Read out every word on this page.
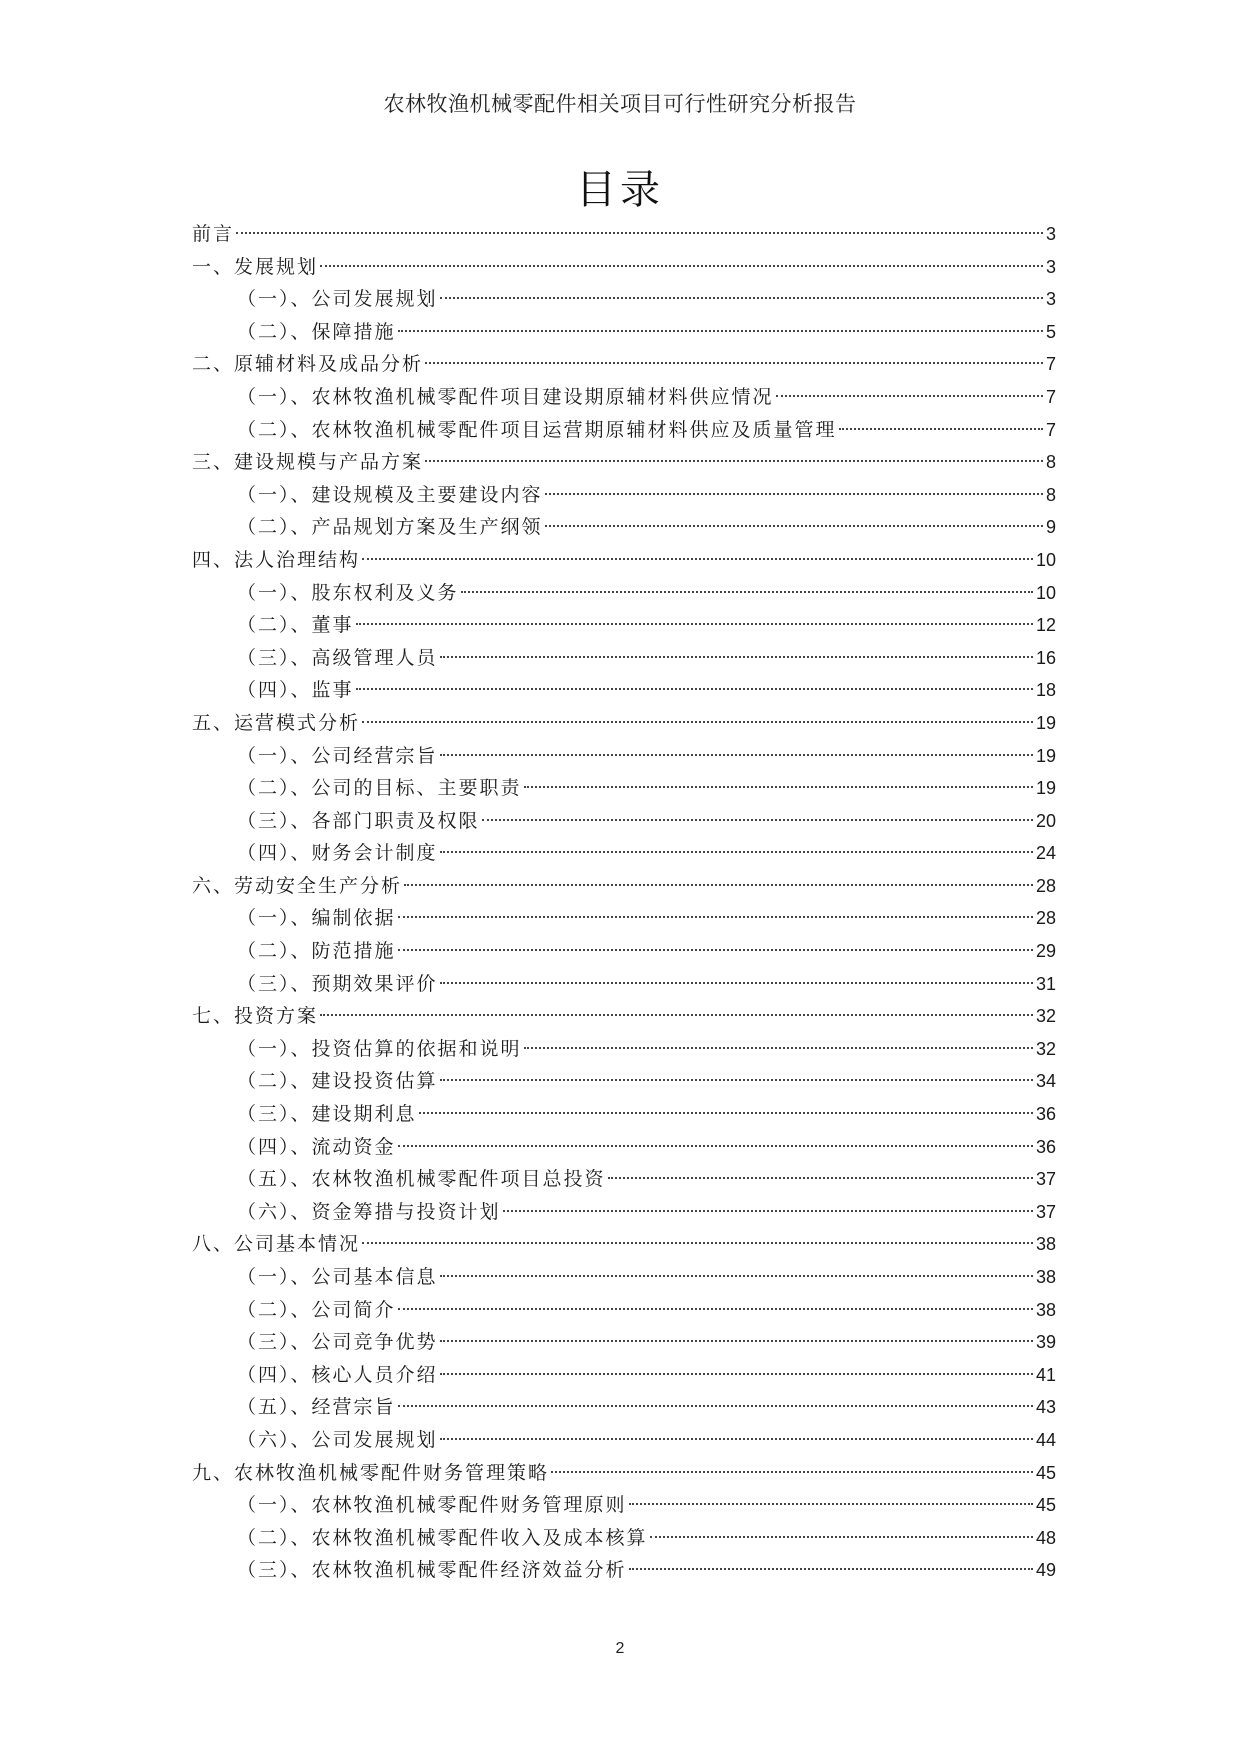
农林牧渔机械零配件相关项目可行性研究分析报告
目录
前言	3
一、发展规划	3
（一）、公司发展规划	3
（二）、保障措施	5
二、原辅材料及成品分析	7
（一）、农林牧渔机械零配件项目建设期原辅材料供应情况	7
（二）、农林牧渔机械零配件项目运营期原辅材料供应及质量管理	7
三、建设规模与产品方案	8
（一）、建设规模及主要建设内容	8
（二）、产品规划方案及生产纲领	9
四、法人治理结构	10
（一）、股东权利及义务	10
（二）、董事	12
（三）、高级管理人员	16
（四）、监事	18
五、运营模式分析	19
（一）、公司经营宗旨	19
（二）、公司的目标、主要职责	19
（三）、各部门职责及权限	20
（四）、财务会计制度	24
六、劳动安全生产分析	28
（一）、编制依据	28
（二）、防范措施	29
（三）、预期效果评价	31
七、投资方案	32
（一）、投资估算的依据和说明	32
（二）、建设投资估算	34
（三）、建设期利息	36
（四）、流动资金	36
（五）、农林牧渔机械零配件项目总投资	37
（六）、资金筹措与投资计划	37
八、公司基本情况	38
（一）、公司基本信息	38
（二）、公司简介	38
（三）、公司竞争优势	39
（四）、核心人员介绍	41
（五）、经营宗旨	43
（六）、公司发展规划	44
九、农林牧渔机械零配件财务管理策略	45
（一）、农林牧渔机械零配件财务管理原则	45
（二）、农林牧渔机械零配件收入及成本核算	48
（三）、农林牧渔机械零配件经济效益分析	49
2
